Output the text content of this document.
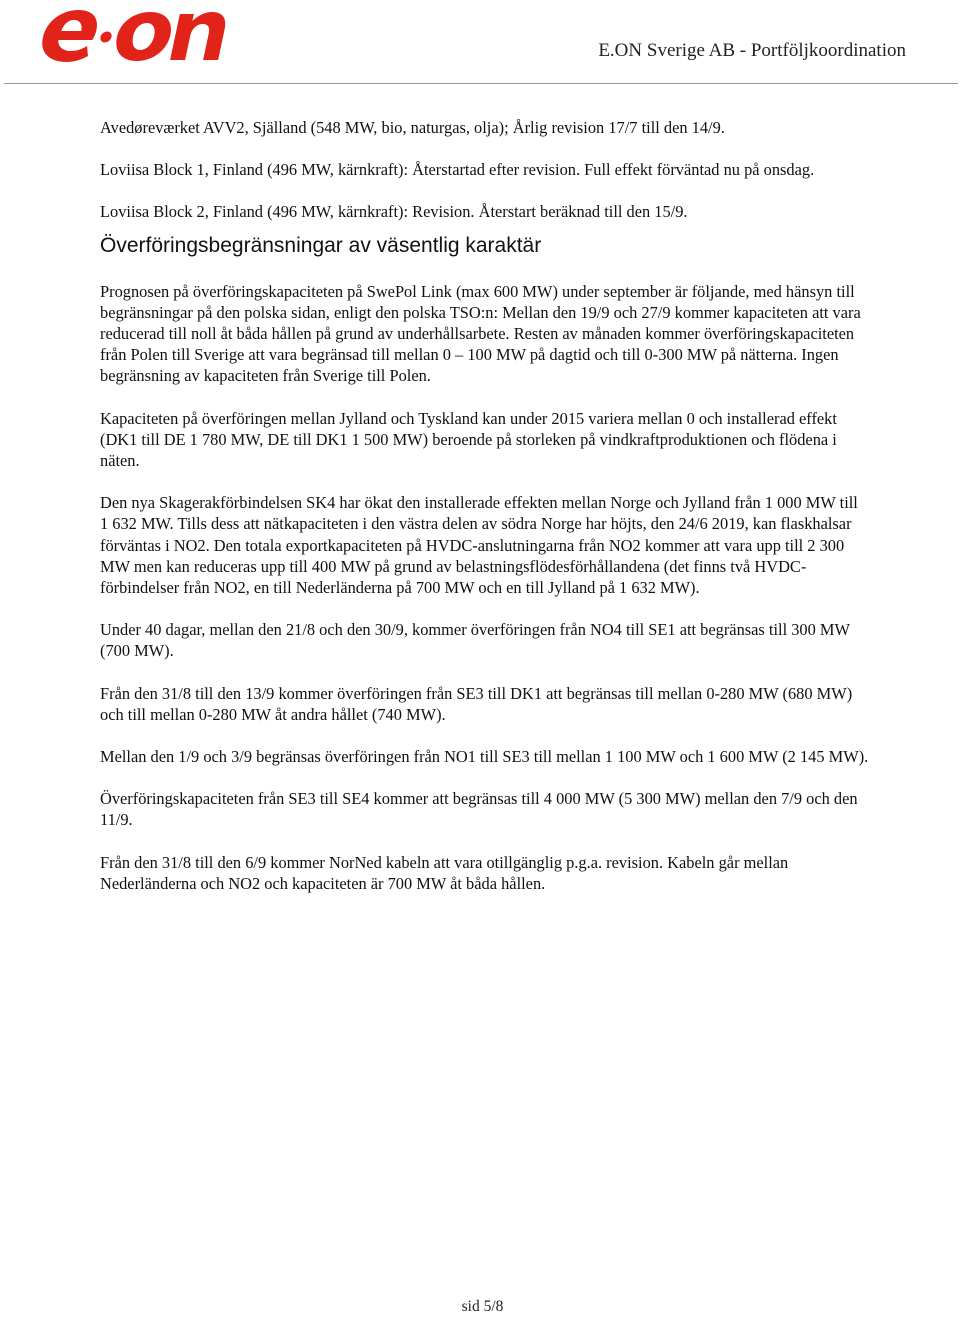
E.ON Sverige AB - Portföljkoordination

Avedøreværket AVV2, Själland (548 MW, bio, naturgas, olja); Årlig revision 17/7 till den 14/9.

Loviisa Block 1, Finland (496 MW, kärnkraft): Återstartad efter revision. Full effekt förväntad nu på onsdag.

Loviisa Block 2, Finland (496 MW, kärnkraft): Revision. Återstart beräknad till den 15/9.

Överföringsbegränsningar av väsentlig karaktär

Prognosen på överföringskapaciteten på SwePol Link (max 600 MW) under september är följande, med hänsyn till begränsningar på den polska sidan, enligt den polska TSO:n: Mellan den 19/9 och 27/9 kommer kapaciteten att vara reducerad till noll åt båda hållen på grund av underhållsarbete. Resten av månaden kommer överföringskapaciteten från Polen till Sverige att vara begränsad till mellan 0 – 100 MW på dagtid och till 0-300 MW på nätterna. Ingen begränsning av kapaciteten från Sverige till Polen.

Kapaciteten på överföringen mellan Jylland och Tyskland kan under 2015 variera mellan 0 och installerad effekt (DK1 till DE 1 780 MW, DE till DK1 1 500 MW) beroende på storleken på vindkraftproduktionen och flödena i näten.

Den nya Skagerakförbindelsen SK4 har ökat den installerade effekten mellan Norge och Jylland från 1 000 MW till 1 632 MW. Tills dess att nätkapaciteten i den västra delen av södra Norge har höjts, den 24/6 2019, kan flaskhalsar förväntas i NO2. Den totala exportkapaciteten på HVDC-anslutningarna från NO2 kommer att vara upp till 2 300 MW men kan reduceras upp till 400 MW på grund av belastningsflödesförhållandena (det finns två HVDC-förbindelser från NO2, en till Nederländerna på 700 MW och en till Jylland på 1 632 MW).

Under 40 dagar, mellan den 21/8 och den 30/9, kommer överföringen från NO4 till SE1 att begränsas till 300 MW (700 MW).

Från den 31/8 till den 13/9 kommer överföringen från SE3 till DK1 att begränsas till mellan 0-280 MW (680 MW) och till mellan 0-280 MW åt andra hållet (740 MW).

Mellan den 1/9 och 3/9 begränsas överföringen från NO1 till SE3 till mellan 1 100 MW och 1 600 MW (2 145 MW).

Överföringskapaciteten från SE3 till SE4 kommer att begränsas till 4 000 MW (5 300 MW) mellan den 7/9 och den 11/9.

Från den 31/8 till den 6/9 kommer NorNed kabeln att vara otillgänglig p.g.a. revision. Kabeln går mellan Nederländerna och NO2 och kapaciteten är 700 MW åt båda hållen.

sid 5/8
